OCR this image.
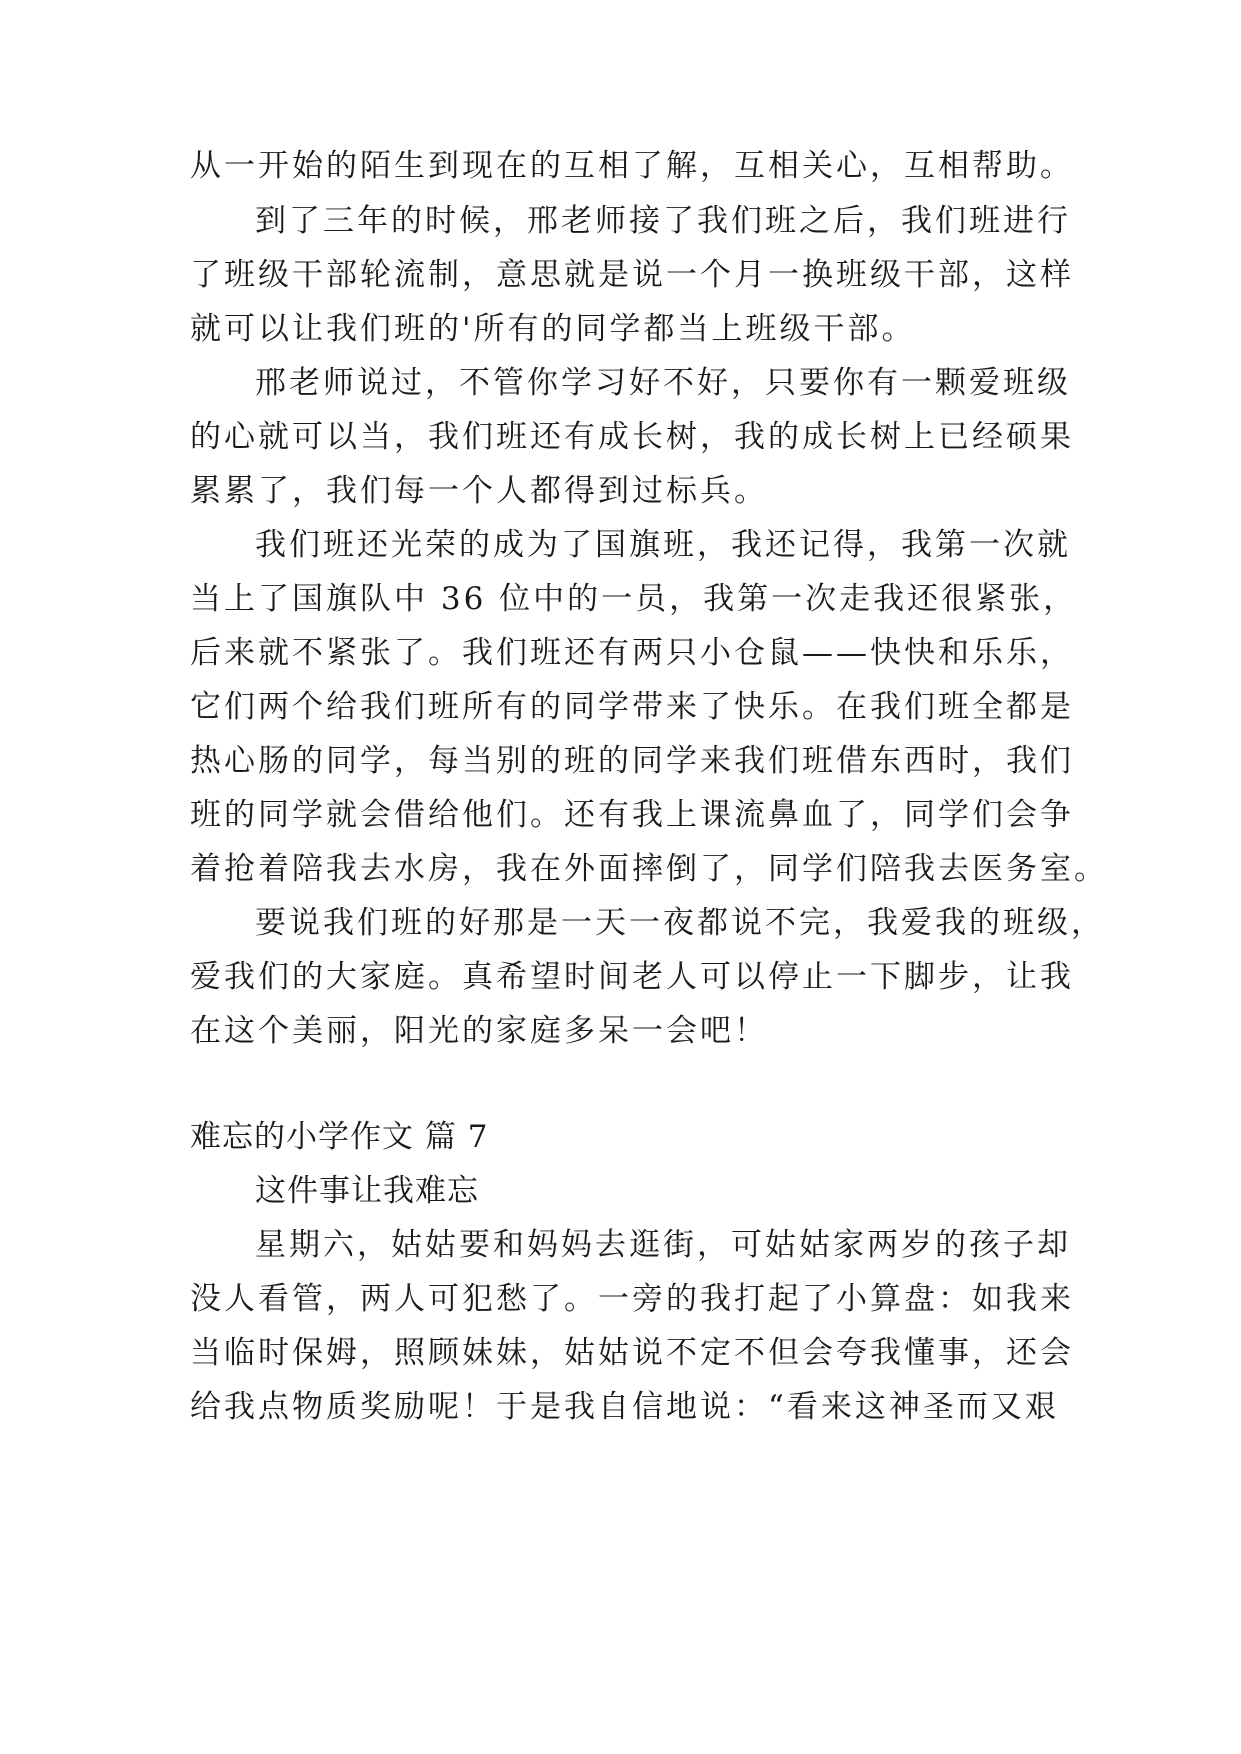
从一开始的陌生到现在的互相了解，互相关心，互相帮助。
到了三年的时候，邢老师接了我们班之后，我们班进行
了班级干部轮流制，意思就是说一个月一换班级干部，这样
就可以让我们班的'所有的同学都当上班级干部。
邢老师说过，不管你学习好不好，只要你有一颗爱班级
的心就可以当，我们班还有成长树，我的成长树上已经硕果
累累了，我们每一个人都得到过标兵。
我们班还光荣的成为了国旗班，我还记得，我第一次就
当上了国旗队中 36 位中的一员，我第一次走我还很紧张，
后来就不紧张了。我们班还有两只小仓鼠——快快和乐乐，
它们两个给我们班所有的同学带来了快乐。在我们班全都是
热心肠的同学，每当别的班的同学来我们班借东西时，我们
班的同学就会借给他们。还有我上课流鼻血了，同学们会争
着抢着陪我去水房，我在外面摔倒了，同学们陪我去医务室。
要说我们班的好那是一天一夜都说不完，我爱我的班级，
爱我们的大家庭。真希望时间老人可以停止一下脚步，让我
在这个美丽，阳光的家庭多呆一会吧！
难忘的小学作文 篇 7
这件事让我难忘
星期六，姑姑要和妈妈去逛街，可姑姑家两岁的孩子却
没人看管，两人可犯愁了。一旁的我打起了小算盘：如我来
当临时保姆，照顾妹妹，姑姑说不定不但会夸我懂事，还会
给我点物质奖励呢！于是我自信地说：“看来这神圣而又艰
